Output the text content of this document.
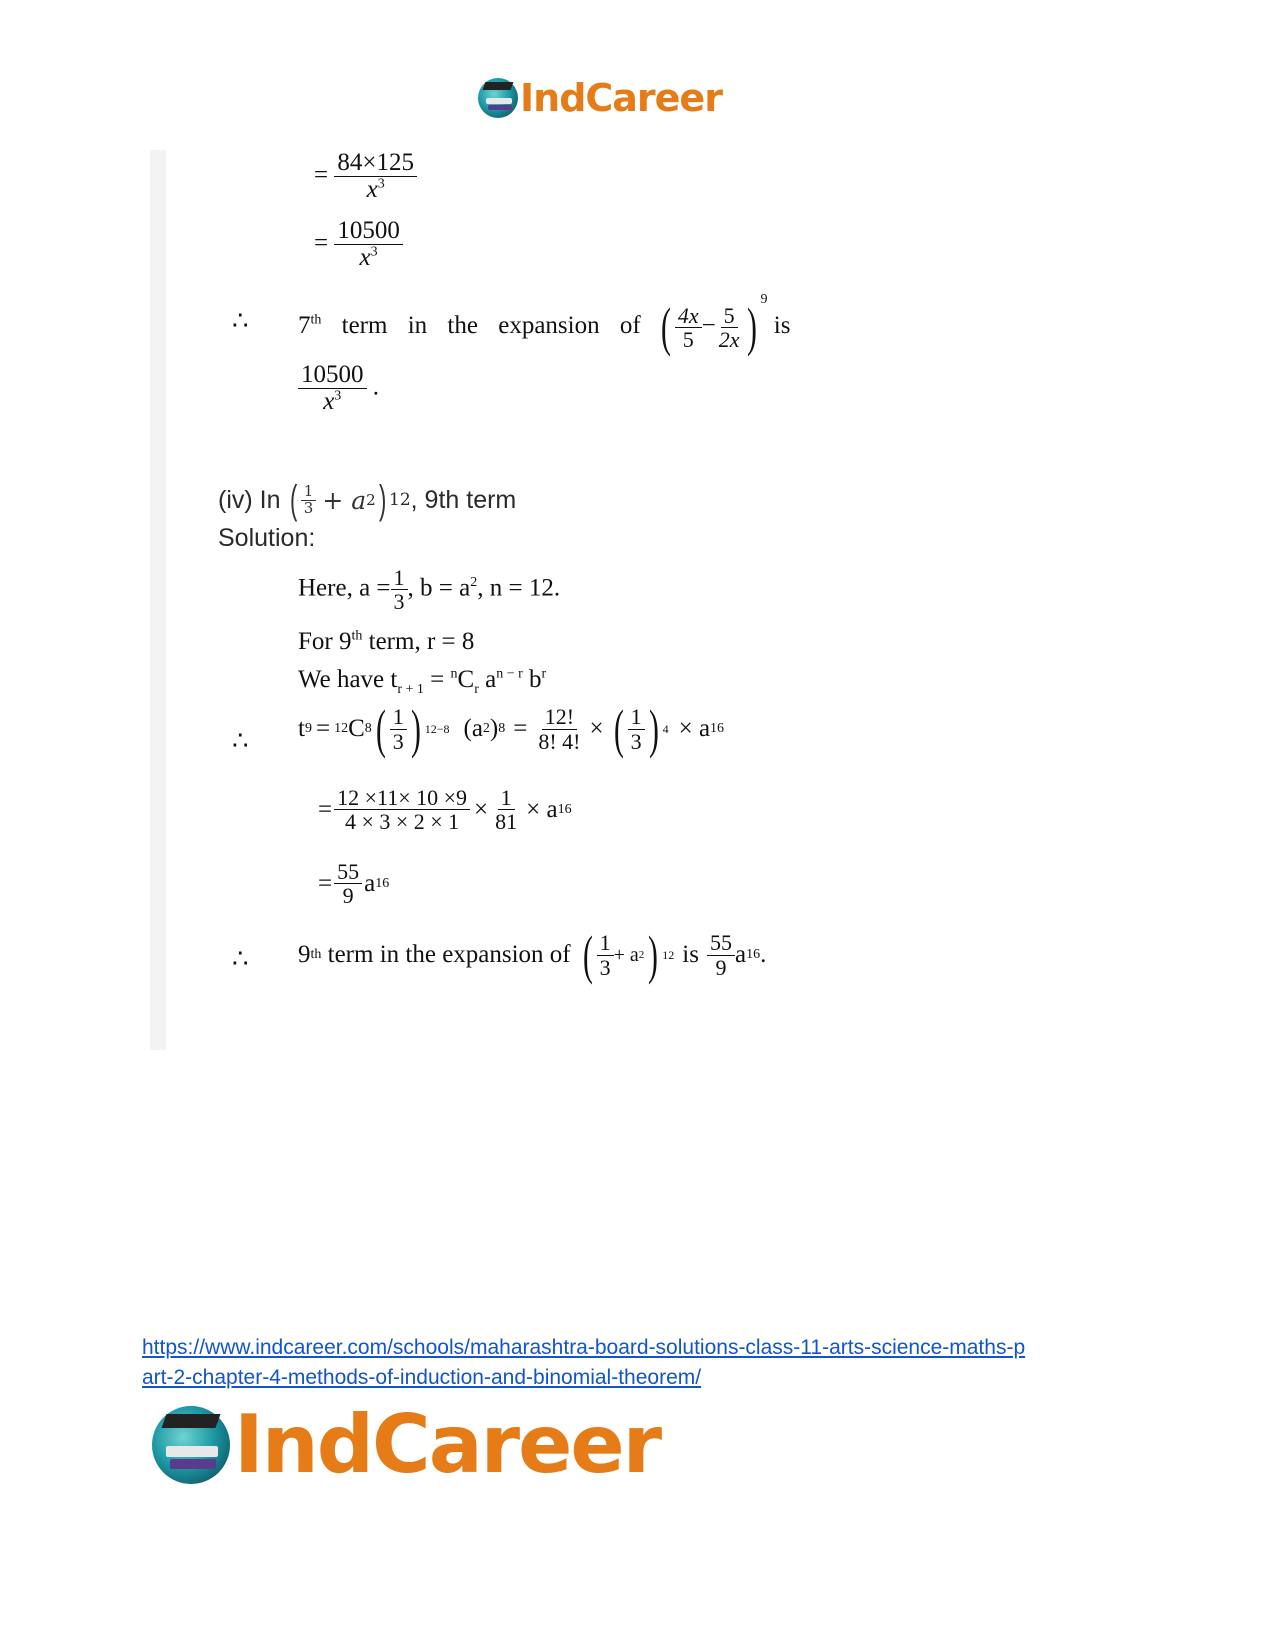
IndCareer
= $\frac{84\times 125}{x^3}$
= $\frac{10500}{x^3}$
∴ 7th term in the expansion of ( $\frac{4x}{5} - \frac{5}{2x}$ ) $^9$ is
$\frac{10500}{x^3}$ .
(iv) In ( $\frac{1}{3} + a$ 2 ) 12 , 9th term
Solution:
Here, $a = \frac{1}{3}$ , $b = a^2$, n = 12.
For 9th term, r = 8
We have $t_{r + 1} = ^nC_r$ $a^{n - r}$ $b^r$
∴ t 9 = 12 C 8 ( $\frac{1}{3}$ ) 12−8 (a 2 ) $8 = \frac{12!}{8! 4!}$ × ( $\frac{1}{3}$ ) 4 × a 16
= $\frac{12 \times 11\times 10 \times 9}{4 \times 3 \times 2 \times 1} \times \frac{1}{81} \times a$ 16
= $\frac{55}{9}$ a 16
∴ 9 th term in the expansion of ( $\frac{1}{3} + a$ 2 ) 12 is $\frac{55}{9}$ a 16 .
https://www.indcareer.com/schools/maharashtra-board-solutions-class-11-arts-science-maths-p
art-2-chapter-4-methods-of-induction-and-binomial-theorem/
IndCareer
